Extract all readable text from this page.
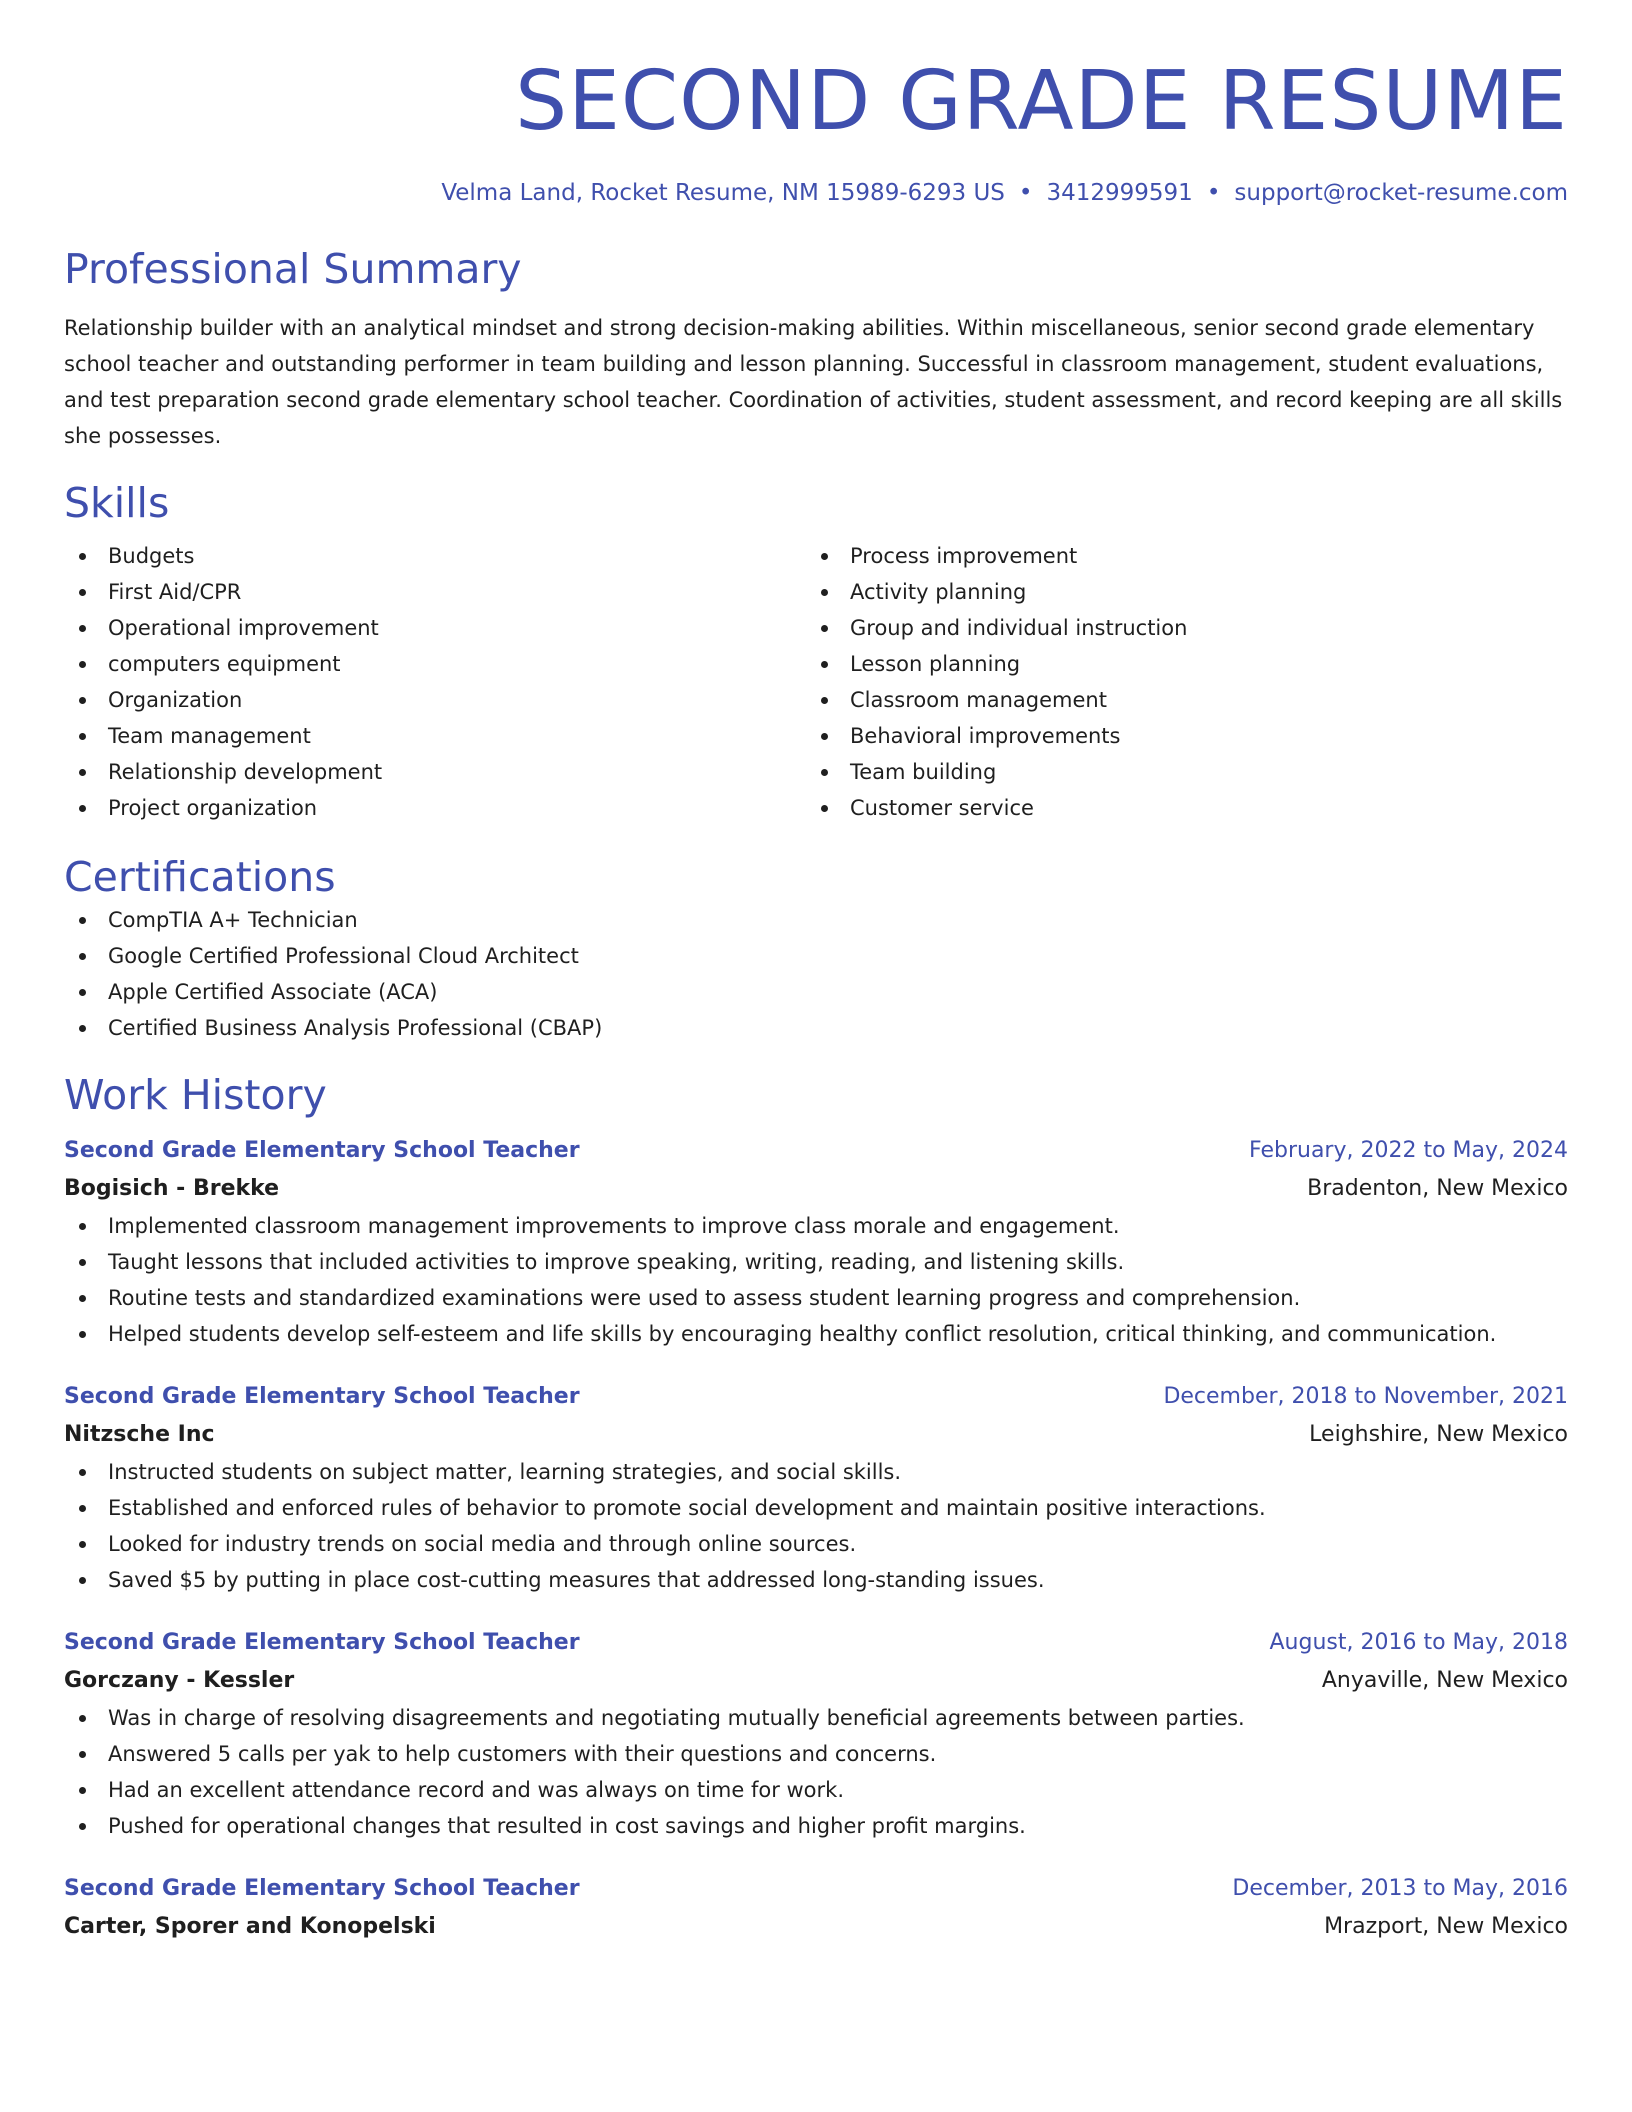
SECOND GRADE RESUME
Velma Land, Rocket Resume, NM 15989-6293 US • 3412999591 • support@rocket-resume.com
Professional Summary

Relationship builder with an analytical mindset and strong decision-making abilities. Within miscellaneous, senior second grade elementary school teacher and outstanding performer in team building and lesson planning. Successful in classroom management, student evaluations, and test preparation second grade elementary school teacher. Coordination of activities, student assessment, and record keeping are all skills she possesses.

Skills
Budgets
First Aid/CPR
Operational improvement
computers equipment
Organization
Team management
Relationship development
Project organization
Process improvement
Activity planning
Group and individual instruction
Lesson planning
Classroom management
Behavioral improvements
Team building
Customer service
Certifications
CompTIA A+ Technician
Google Certified Professional Cloud Architect
Apple Certified Associate (ACA)
Certified Business Analysis Professional (CBAP)
Work History
Second Grade Elementary School Teacher	February, 2022 to May, 2024
Bogisich - Brekke	Bradenton, New Mexico
Implemented classroom management improvements to improve class morale and engagement.
Taught lessons that included activities to improve speaking, writing, reading, and listening skills.
Routine tests and standardized examinations were used to assess student learning progress and comprehension.
Helped students develop self-esteem and life skills by encouraging healthy conflict resolution, critical thinking, and communication.
Second Grade Elementary School Teacher	December, 2018 to November, 2021
Nitzsche Inc	Leighshire, New Mexico
Instructed students on subject matter, learning strategies, and social skills.
Established and enforced rules of behavior to promote social development and maintain positive interactions.
Looked for industry trends on social media and through online sources.
Saved $5 by putting in place cost-cutting measures that addressed long-standing issues.
Second Grade Elementary School Teacher	August, 2016 to May, 2018
Gorczany - Kessler	Anyaville, New Mexico
Was in charge of resolving disagreements and negotiating mutually beneficial agreements between parties.
Answered 5 calls per yak to help customers with their questions and concerns.
Had an excellent attendance record and was always on time for work.
Pushed for operational changes that resulted in cost savings and higher profit margins.
Second Grade Elementary School Teacher	December, 2013 to May, 2016
Carter, Sporer and Konopelski	Mrazport, New Mexico
